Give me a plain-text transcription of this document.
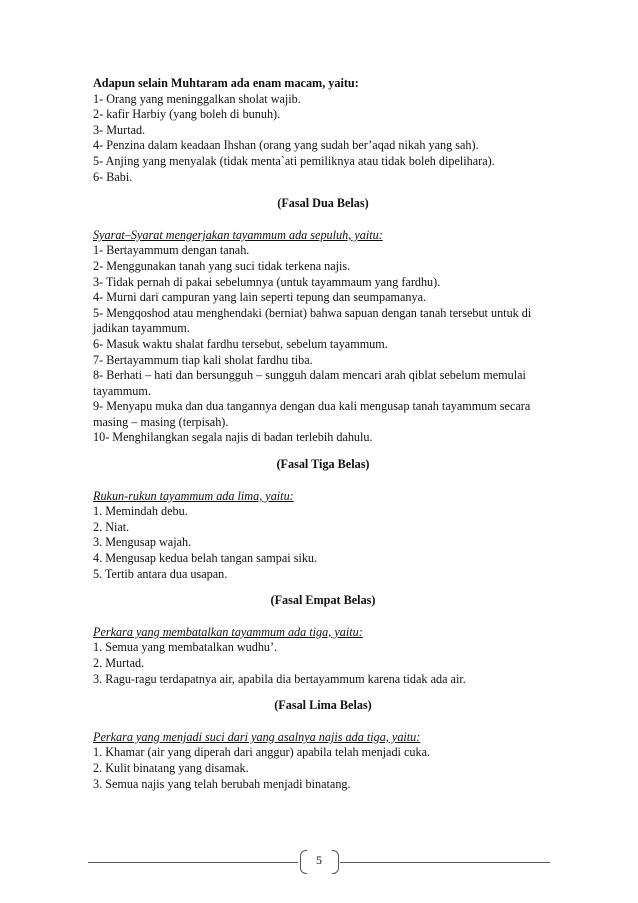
Adapun selain Muhtaram ada enam macam, yaitu:
1- Orang yang meninggalkan sholat wajib.
2- kafir Harbiy (yang boleh di bunuh).
3- Murtad.
4- Penzina dalam keadaan Ihshan (orang yang sudah ber’aqad nikah yang sah).
5- Anjing yang menyalak (tidak menta`ati pemiliknya atau tidak boleh dipelihara).
6- Babi.
(Fasal Dua Belas)
Syarat–Syarat mengerjakan tayammum ada sepuluh, yaitu:
1- Bertayammum dengan tanah.
2- Menggunakan tanah yang suci tidak terkena najis.
3- Tidak pernah di pakai sebelumnya (untuk tayammaum yang fardhu).
4- Murni dari campuran yang lain seperti tepung dan seumpamanya.
5- Mengqoshod atau menghendaki (berniat) bahwa sapuan dengan tanah tersebut untuk di jadikan tayammum.
6- Masuk waktu shalat fardhu tersebut, sebelum tayammum.
7- Bertayammum tiap kali sholat fardhu tiba.
8- Berhati – hati dan bersungguh – sungguh dalam mencari arah qiblat sebelum memulai tayammum.
9- Menyapu muka dan dua tangannya dengan dua kali mengusap tanah tayammum secara masing – masing (terpisah).
10- Menghilangkan segala najis di badan terlebih dahulu.
(Fasal Tiga Belas)
Rukun-rukun tayammum ada lima, yaitu:
1. Memindah debu.
2. Niat.
3. Mengusap wajah.
4. Mengusap kedua belah tangan sampai siku.
5. Tertib antara dua usapan.
(Fasal Empat Belas)
Perkara yang membatalkan tayammum ada tiga, yaitu:
1. Semua yang membatalkan wudhu’.
2. Murtad.
3. Ragu-ragu terdapatnya air, apabila dia bertayammum karena tidak ada air.
(Fasal Lima Belas)
Perkara yang menjadi suci dari yang asalnya najis ada tiga, yaitu:
1. Khamar (air yang diperah dari anggur) apabila telah menjadi cuka.
2. Kulit binatang yang disamak.
3. Semua najis yang telah berubah menjadi binatang.
5
